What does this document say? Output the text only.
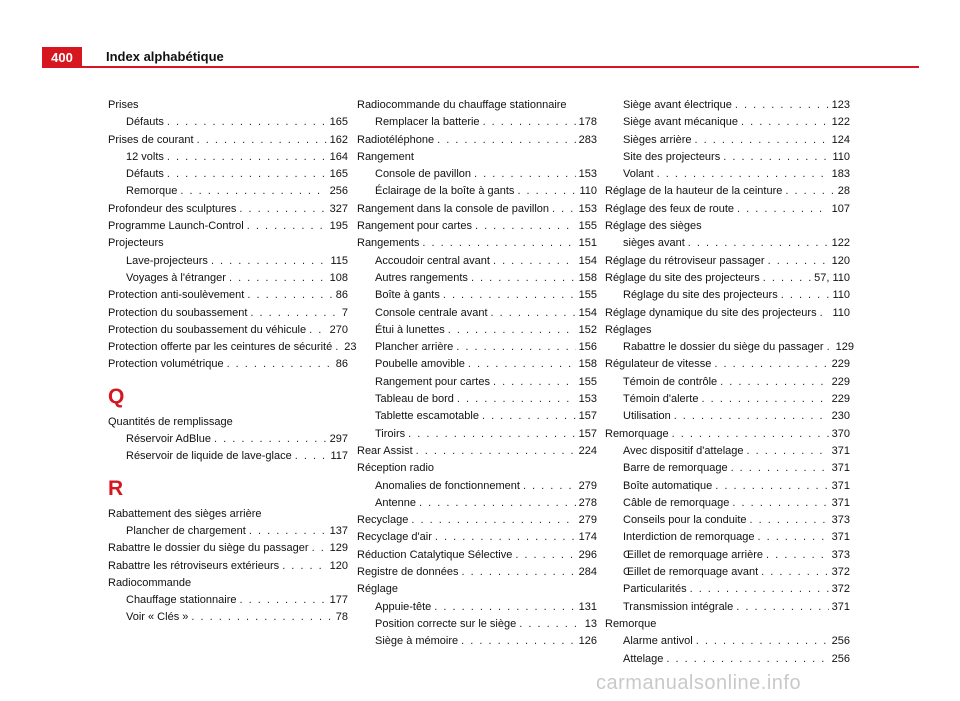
400	Index alphabétique
Prises
Défauts . . .	165
Prises de courant . . .	162
12 volts . . .	164
Défauts . . .	165
Remorque . . .	256
Profondeur des sculptures . . .	327
Programme Launch-Control . . .	195
Projecteurs
Lave-projecteurs . . .	115
Voyages à l'étranger . . .	108
Protection anti-soulèvement . . .	86
Protection du soubassement . . .	7
Protection du soubassement du véhicule . . . 270
Protection offerte par les ceintures de sécurité . . . 23
Protection volumétrique . . .	86
Q
Quantités de remplissage
Réservoir AdBlue . . .	297
Réservoir de liquide de lave-glace . . .	117
R
Rabattement des sièges arrière
Plancher de chargement . . .	137
Rabattre le dossier du siège du passager . . . 129
Rabattre les rétroviseurs extérieurs . . .	120
Radiocommande
Chauffage stationnaire . . .	177
Voir « Clés » . . .	78
Radiocommande du chauffage stationnaire
Remplacer la batterie . . .	178
Radiotéléphone . . .	283
Rangement
Console de pavillon . . .	153
Éclairage de la boîte à gants . . .	110
Rangement dans la console de pavillon . . .	153
Rangement pour cartes . . .	155
Rangements . . .	151
Accoudoir central avant . . .	154
Autres rangements . . .	158
Boîte à gants . . .	155
Console centrale avant . . .	154
Étui à lunettes . . .	152
Plancher arrière . . .	156
Poubelle amovible . . .	158
Rangement pour cartes . . .	155
Tableau de bord . . .	153
Tablette escamotable . . .	157
Tiroirs . . .	157
Rear Assist . . .	224
Réception radio
Anomalies de fonctionnement . . .	279
Antenne . . .	278
Recyclage . . .	279
Recyclage d'air . . .	174
Réduction Catalytique Sélective . . .	296
Registre de données . . .	284
Réglage
Appuie-tête . . .	131
Position correcte sur le siège . . .	13
Siège à mémoire . . .	126
Siège avant électrique . . .	123
Siège avant mécanique . . .	122
Sièges arrière . . .	124
Site des projecteurs . . .	110
Volant . . .	183
Réglage de la hauteur de la ceinture . . .	28
Réglage des feux de route . . .	107
Réglage des sièges
sièges avant . . .	122
Réglage du rétroviseur passager . . .	120
Réglage du site des projecteurs . . .	57, 110
Réglage du site des projecteurs . . .	110
Réglage dynamique du site des projecteurs . . . 110
Réglages
Rabattre le dossier du siège du passager . . . 129
Régulateur de vitesse . . .	229
Témoin de contrôle . . .	229
Témoin d'alerte . . .	229
Utilisation . . .	230
Remorquage . . .	370
Avec dispositif d'attelage . . .	371
Barre de remorquage . . .	371
Boîte automatique . . .	371
Câble de remorquage . . .	371
Conseils pour la conduite . . .	373
Interdiction de remorquage . . .	371
Œillet de remorquage arrière . . .	373
Œillet de remorquage avant . . .	372
Particularités . . .	372
Transmission intégrale . . .	371
Remorque
Alarme antivol . . .	256
Attelage . . .	256
carmanualsonline.info
